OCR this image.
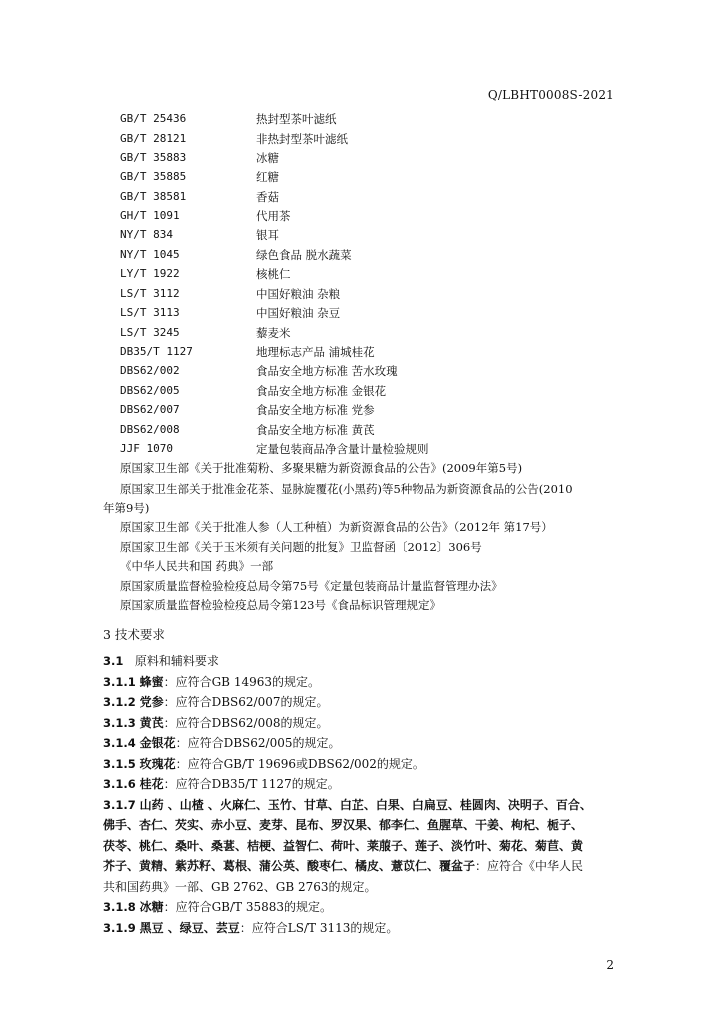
Q/LBHT0008S-2021
GB/T 25436	热封型茶叶滤纸
GB/T 28121	非热封型茶叶滤纸
GB/T 35883	冰糖
GB/T 35885	红糖
GB/T 38581	香菇
GH/T 1091	代用茶
NY/T 834	银耳
NY/T 1045	绿色食品 脱水蔬菜
LY/T 1922	核桃仁
LS/T 3112	中国好粮油 杂粮
LS/T 3113	中国好粮油 杂豆
LS/T 3245	藜麦米
DB35/T 1127	地理标志产品 浦城桂花
DBS62/002	食品安全地方标准 苦水玫瑰
DBS62/005	食品安全地方标准 金银花
DBS62/007	食品安全地方标准 党参
DBS62/008	食品安全地方标准 黄芪
JJF 1070	定量包装商品净含量计量检验规则
原国家卫生部《关于批准菊粉、多聚果糖为新资源食品的公告》(2009年第5号)
原国家卫生部关于批准金花茶、显脉旋覆花(小黑药)等5种物品为新资源食品的公告(2010
年第9号)
原国家卫生部《关于批准人参（人工种植）为新资源食品的公告》（2012年 第17号）
原国家卫生部《关于玉米须有关问题的批复》卫监督函〔2012〕306号
《中华人民共和国 药典》一部
原国家质量监督检验检疫总局令第75号《定量包装商品计量监督管理办法》
原国家质量监督检验检疫总局令第123号《食品标识管理规定》
3 技术要求
3.1 原料和辅料要求
3.1.1 蜂蜜：应符合GB 14963的规定。
3.1.2 党参：应符合DBS62/007的规定。
3.1.3 黄芪：应符合DBS62/008的规定。
3.1.4 金银花：应符合DBS62/005的规定。
3.1.5 玫瑰花：应符合GB/T 19696或DBS62/002的规定。
3.1.6 桂花：应符合DB35/T 1127的规定。
3.1.7 山药 、山楂 、火麻仁、玉竹、甘草、白芷、白果、白扁豆、桂圆肉、决明子、百合、
佛手、杏仁、芡实、赤小豆、麦芽、昆布、罗汉果、郁李仁、鱼腥草、干姜、枸杞、栀子、
茯苓、桃仁、桑叶、桑葚、桔梗、益智仁、荷叶、莱菔子、莲子、淡竹叶、菊花、菊苣、黄
芥子、黄精、紫苏籽、葛根、蒲公英、酸枣仁、橘皮、薏苡仁、覆盆子：应符合《中华人民
共和国药典》一部、GB 2762、GB 2763的规定。
3.1.8 冰糖：应符合GB/T 35883的规定。
3.1.9 黑豆 、绿豆、芸豆：应符合LS/T 3113的规定。
2
